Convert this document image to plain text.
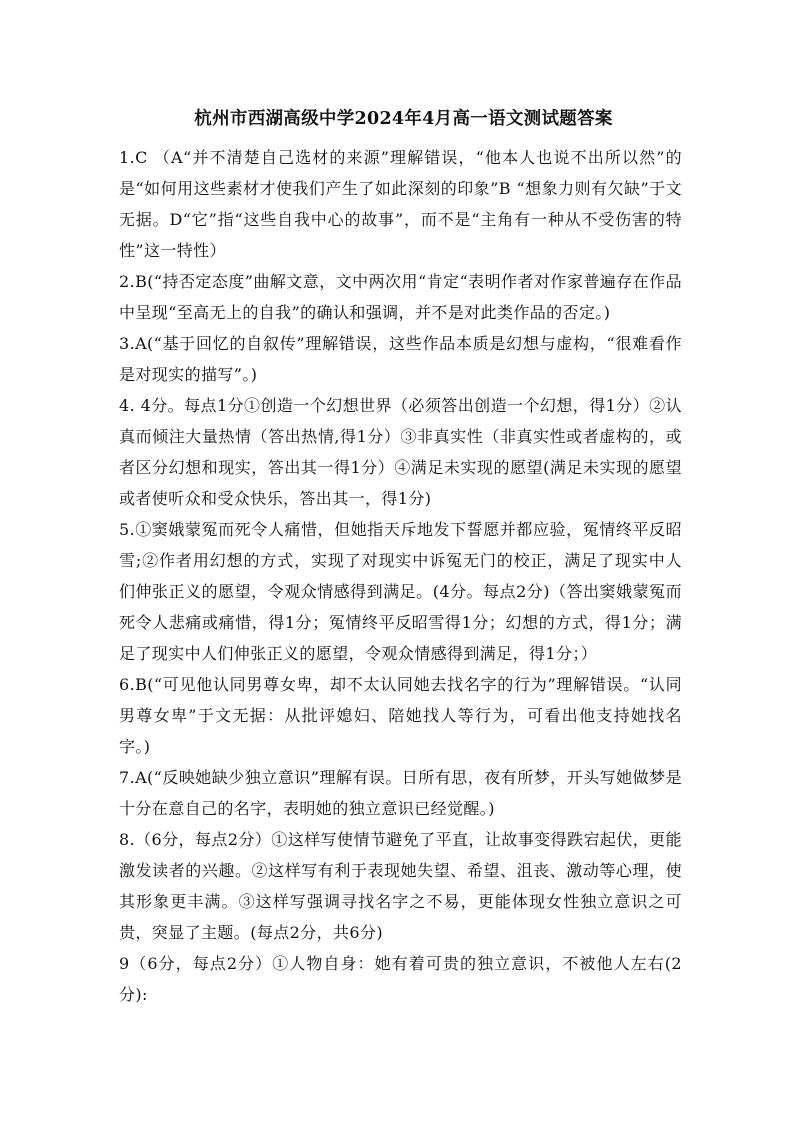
杭州市西湖高级中学2024年4月高一语文测试题答案

1.C （A“并不清楚自己选材的来源”理解错误，“他本人也说不出所以然”的是“如何用这些素材才使我们产生了如此深刻的印象”B “想象力则有欠缺”于文无据。D“它”指“这些自我中心的故事”，而不是“主角有一种从不受伤害的特性”这一特性）

2.B(“持否定态度”曲解文意，文中两次用“肯定“表明作者对作家普遍存在作品中呈现“至高无上的自我”的确认和强调，并不是对此类作品的否定。)

3.A(“基于回忆的自叙传”理解错误，这些作品本质是幻想与虚构，“很难看作是对现实的描写”。)

4. 4分。每点1分①创造一个幻想世界（必须答出创造一个幻想，得1分）②认真而倾注大量热情（答出热情,得1分）③非真实性（非真实性或者虚构的，或者区分幻想和现实，答出其一得1分）④满足未实现的愿望(满足未实现的愿望或者使听众和受众快乐，答出其一，得1分)

5.①窦娥蒙冤而死令人痛惜，但她指天斥地发下誓愿并都应验，冤情终平反昭雪;②作者用幻想的方式，实现了对现实中诉冤无门的校正，满足了现实中人们伸张正义的愿望，令观众情感得到满足。(4分。每点2分)（答出窦娥蒙冤而死令人悲痛或痛惜，得1分；冤情终平反昭雪得1分；幻想的方式，得1分；满足了现实中人们伸张正义的愿望，令观众情感得到满足，得1分；）

6.B(“可见他认同男尊女卑，却不太认同她去找名字的行为”理解错误。“认同男尊女卑”于文无据：从批评媳妇、陪她找人等行为，可看出他支持她找名字。)

7.A(“反映她缺少独立意识”理解有误。日所有思，夜有所梦，开头写她做梦是十分在意自己的名字，表明她的独立意识已经觉醒。)

8.（6分，每点2分）①这样写使情节避免了平直，让故事变得跌宕起伏，更能激发读者的兴趣。②这样写有利于表现她失望、希望、沮丧、激动等心理，使其形象更丰满。③这样写强调寻找名字之不易，更能体现女性独立意识之可贵，突显了主题。(每点2分，共6分)

9（6分，每点2分）①人物自身：她有着可贵的独立意识，不被他人左右(2分):
